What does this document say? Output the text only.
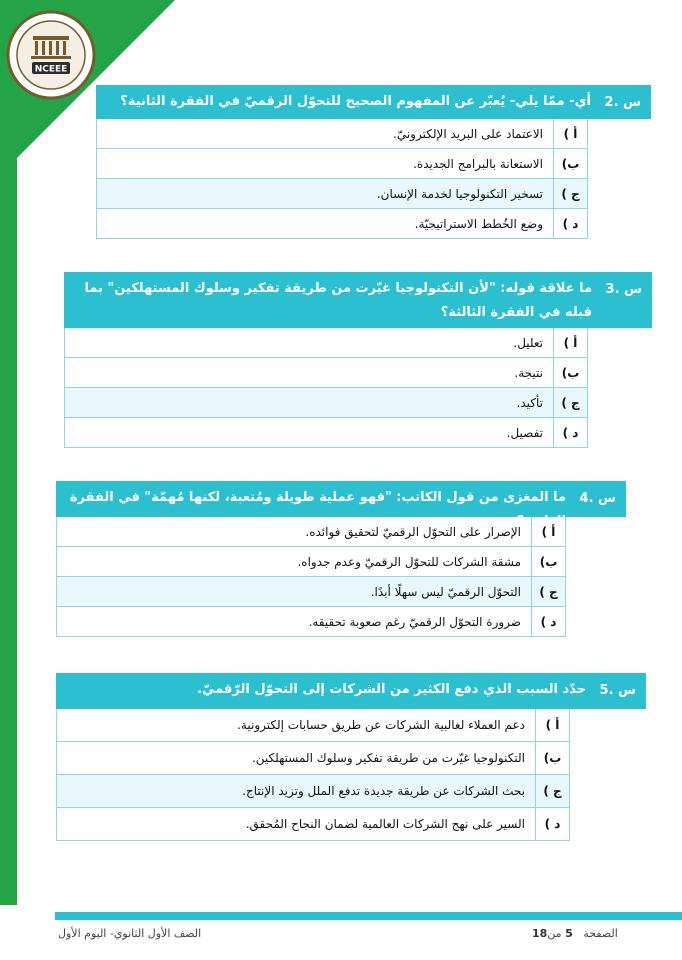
NCEEE
س .2
أي- ممّا يلي- يُعبّر عن المفهوم الصحيح للتحوّل الرقميّ في الفقرة الثانية؟
أ )
الاعتماد على البريد الإلكترونيّ.
ب)
الاستعانة بالبرامج الجديدة.
ج )
تسخير التكنولوجيا لخدمة الإنسان.
د )
وضع الخُطط الاستراتيجيّة.
س .3
ما علاقة قوله: "لأن التكنولوجيا غيّرت من طريقة تفكير وسلوك المستهلكين" بما قبله في الفقرة الثالثة؟
أ )
تعليل.
ب)
نتيجة.
ج )
تأكيد.
د )
تفصيل.
س .4
ما المغزى من قول الكاتب: "فهو عملية طويلة ومُتعبة، لكنها مُهمّة" في الفقرة الرابعة؟
أ )
الإصرار على التحوّل الرقميّ لتحقيق فوائده.
ب)
مشقة الشركات للتحوّل الرقميّ وعدم جدواه.
ج )
التحوّل الرقميّ ليس سهلًا أبدًا.
د )
ضرورة التحوّل الرقميّ رغم صعوبة تحقيقه.
س .5
حدّد السبب الذي دفع الكثير من الشركات إلى التحوّل الرّقميّ.
أ )
دعم العملاء لغالبية الشركات عن طريق حسابات إلكترونية.
ب)
التكنولوجيا غيّرت من طريقة تفكير وسلوك المستهلكين.
ج )
بحث الشركات عن طريقة جديدة تدفع الملل وتزيد الإنتاج.
د )
السير على نهج الشركات العالمية لضمان النجاح المُحقق.
الصف الأول الثانوي- اليوم الأول	الصفحة   5 من18
